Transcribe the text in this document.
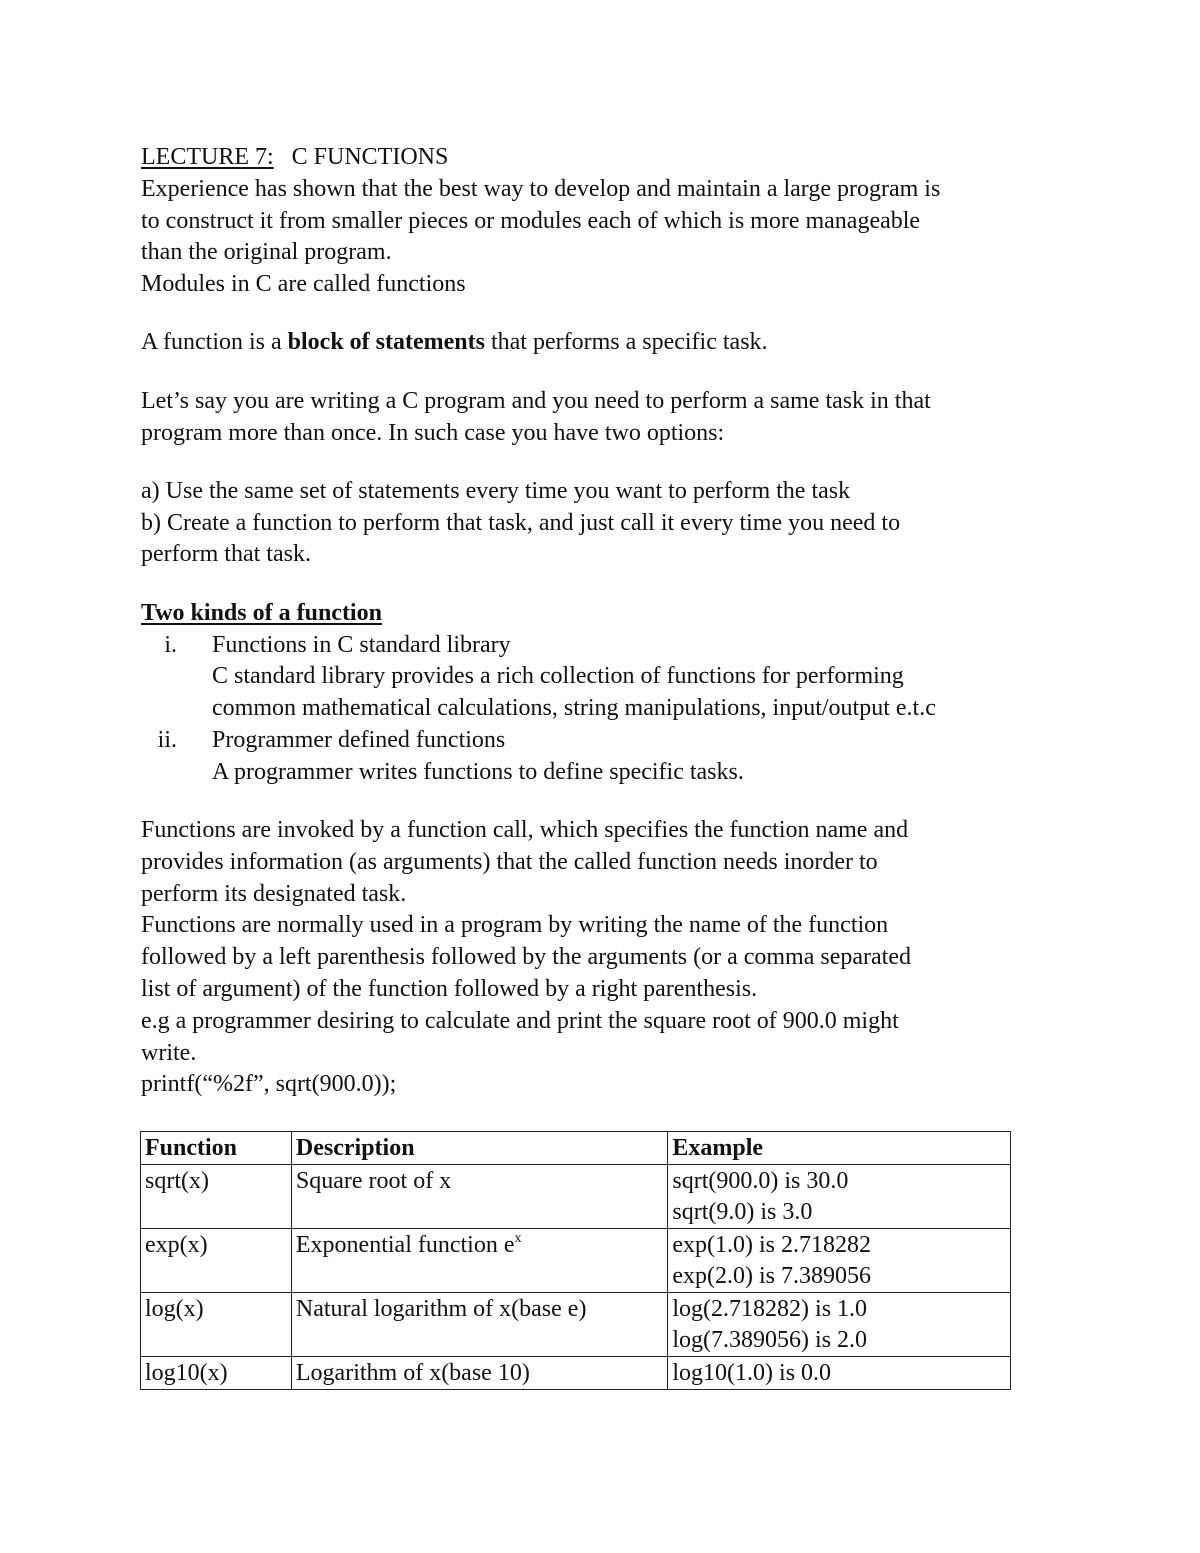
LECTURE 7: C FUNCTIONS
Experience has shown that the best way to develop and maintain a large program is
to construct it from smaller pieces or modules each of which is more manageable
than the original program.
Modules in C are called functions
A function is a block of statements that performs a specific task.
Let’s say you are writing a C program and you need to perform a same task in that
program more than once. In such case you have two options:
a) Use the same set of statements every time you want to perform the task
b) Create a function to perform that task, and just call it every time you need to
perform that task.
Two kinds of a function
i. Functions in C standard library
C standard library provides a rich collection of functions for performing
common mathematical calculations, string manipulations, input/output e.t.c
ii. Programmer defined functions
A programmer writes functions to define specific tasks.
Functions are invoked by a function call, which specifies the function name and
provides information (as arguments) that the called function needs inorder to
perform its designated task.
Functions are normally used in a program by writing the name of the function
followed by a left parenthesis followed by the arguments (or a comma separated
list of argument) of the function followed by a right parenthesis.
e.g a programmer desiring to calculate and print the square root of 900.0 might
write.
printf(“%2f”, sqrt(900.0));
Function	Description	Example
sqrt(x)	Square root of x	sqrt(900.0) is 30.0
sqrt(9.0) is 3.0

exp(x)	Exponential function $e^x$	exp(1.0) is 2.718282
exp(2.0) is 7.389056

log(x)	Natural logarithm of x(base e)	log(2.718282) is 1.0
log(7.389056) is 2.0

log10(x)	Logarithm of x(base 10)	log10(1.0) is 0.0
